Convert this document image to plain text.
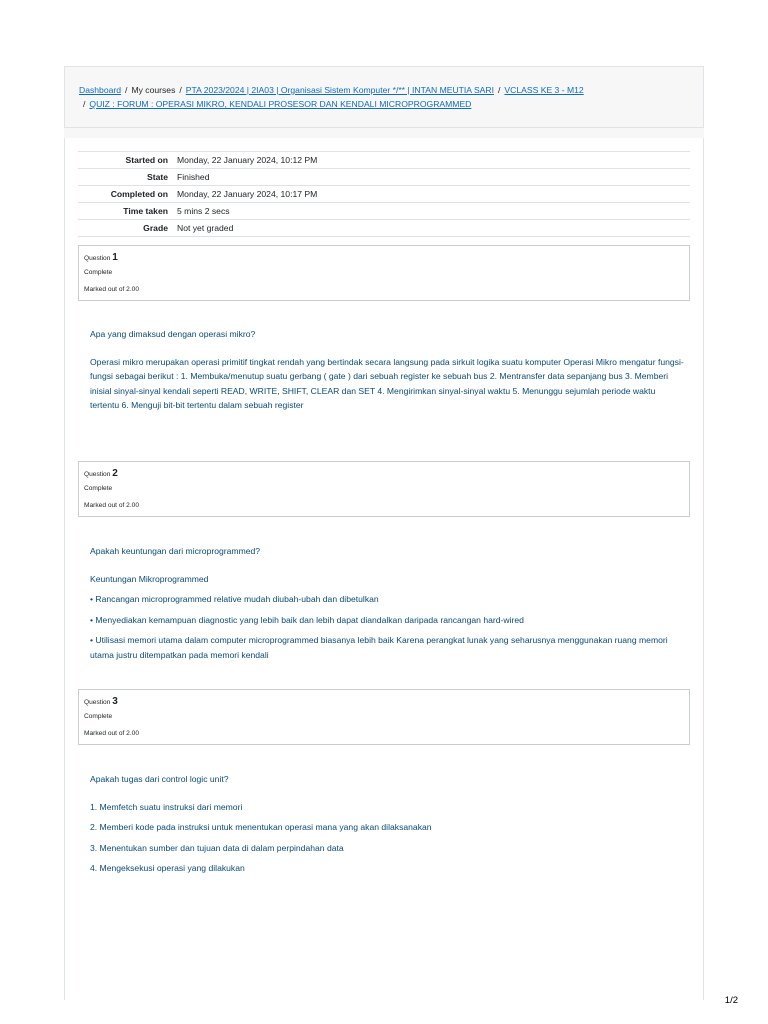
Dashboard / My courses / PTA 2023/2024 | 2IA03 | Organisasi Sistem Komputer */** | INTAN MEUTIA SARI / VCLASS KE 3 - M12
/ QUIZ : FORUM : OPERASI MIKRO, KENDALI PROSESOR DAN KENDALI MICROPROGRAMMED
Started on	Monday, 22 January 2024, 10:12 PM
State	Finished
Completed on	Monday, 22 January 2024, 10:17 PM
Time taken	5 mins 2 secs
Grade	Not yet graded
Question 1
Complete
Marked out of 2.00

Apa yang dimaksud dengan operasi mikro?

Operasi mikro merupakan operasi primitif tingkat rendah yang bertindak secara langsung pada sirkuit logika suatu komputer Operasi Mikro mengatur fungsi-fungsi sebagai berikut : 1. Membuka/menutup suatu gerbang ( gate ) dari sebuah register ke sebuah bus 2. Mentransfer data sepanjang bus 3. Memberi inisial sinyal-sinyal kendali seperti READ, WRITE, SHIFT, CLEAR dan SET 4. Mengirimkan sinyal-sinyal waktu 5. Menunggu sejumlah periode waktu tertentu 6. Menguji bit-bit tertentu dalam sebuah register

Question 2
Complete
Marked out of 2.00

Apakah keuntungan dari microprogrammed?

Keuntungan Mikroprogrammed

• Rancangan microprogrammed relative mudah diubah-ubah dan dibetulkan

• Menyediakan kemampuan diagnostic yang lebih baik dan lebih dapat diandalkan daripada rancangan hard-wired

• Utilisasi memori utama dalam computer microprogrammed biasanya lebih baik Karena perangkat lunak yang seharusnya menggunakan ruang memori utama justru ditempatkan pada memori kendali

Question 3
Complete
Marked out of 2.00

Apakah tugas dari control logic unit?

1. Memfetch suatu instruksi dari memori

2. Memberi kode pada instruksi untuk menentukan operasi mana yang akan dilaksanakan

3. Menentukan sumber dan tujuan data di dalam perpindahan data

4. Mengeksekusi operasi yang dilakukan

1/2
